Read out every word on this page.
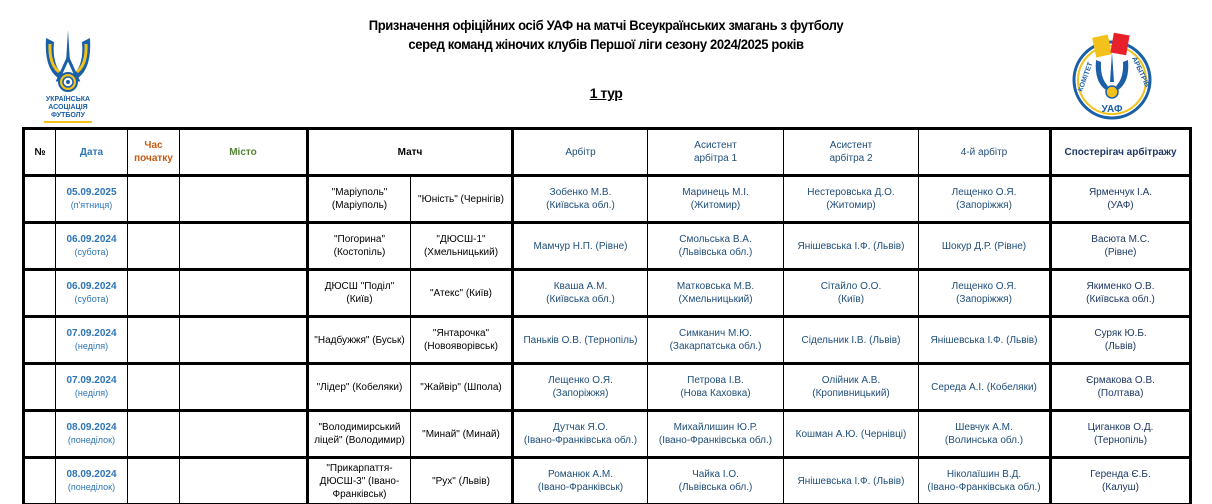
УКРАЇНСЬКА
АСОЦІАЦІЯ
ФУТБОЛУ
УАФ
КОМІТЕТ	АРБІТРІВ
Призначення офіційних осіб УАФ на матчі Всеукраїнських змагань з футболу
серед команд жіночих клубів Першої ліги сезону 2024/2025 років
1 тур
№	Дата	Час
початку	Місто	Матч		Арбітр	Асистент
арбітра 1	Асистент
арбітра 2	4-й арбітр	Спостерігач арбітражу

	05.09.2025
(п'ятниця)			"Маріуполь" (Маріуполь)	"Юність" (Чернігів)	Зобенко М.В.
(Київська обл.)	Маринець М.І.
(Житомир)	Нестеровська Д.О.
(Житомир)	Лещенко О.Я.
(Запоріжжя)	Ярменчук І.А.
(УАФ)

	06.09.2024
(субота)			"Погорина" (Костопіль)	"ДЮСШ-1" (Хмельницький)	Мамчур Н.П. (Рівне)	Смольська В.А.
(Львівська обл.)	Янішевська І.Ф. (Львів)	Шокур Д.Р. (Рівне)	Васюта М.С.
(Рівне)

	06.09.2024
(субота)			ДЮСШ "Поділ" (Київ)	"Атекс" (Київ)	Кваша А.М.
(Київська обл.)	Матковська М.В.
(Хмельницький)	Сітайло О.О.
(Київ)	Лещенко О.Я.
(Запоріжжя)	Якименко О.В.
(Київська обл.)

	07.09.2024
(неділя)			"Надбужжя" (Буськ)	"Янтарочка" (Новояворівськ)	Паньків О.В. (Тернопіль)	Симканич М.Ю.
(Закарпатська обл.)	Сідельник І.В. (Львів)	Янішевська І.Ф. (Львів)	Суряк Ю.Б.
(Львів)

	07.09.2024
(неділя)			"Лідер" (Кобеляки)	"Жайвір" (Шпола)	Лещенко О.Я.
(Запоріжжя)	Петрова І.В.
(Нова Каховка)	Олійник А.В.
(Кропивницький)	Середа А.І. (Кобеляки)	Єрмакова О.В.
(Полтава)

	08.09.2024
(понеділок)			"Володимирський ліцей" (Володимир)	"Минай" (Минай)	Дутчак Я.О.
(Івано-Франківська обл.)	Михайлишин Ю.Р.
(Івано-Франківська обл.)	Кошман А.Ю. (Чернівці)	Шевчук А.М.
(Волинська обл.)	Циганков О.Д.
(Тернопіль)

	08.09.2024
(понеділок)			"Прикарпаття-ДЮСШ-3" (Івано-Франківськ)	"Рух" (Львів)	Романюк А.М.
(Івано-Франківськ)	Чайка І.О.
(Львівська обл.)	Янішевська І.Ф. (Львів)	Ніколаїшин В.Д.
(Івано-Франківська обл.)	Геренда Є.Б.
(Калуш)
